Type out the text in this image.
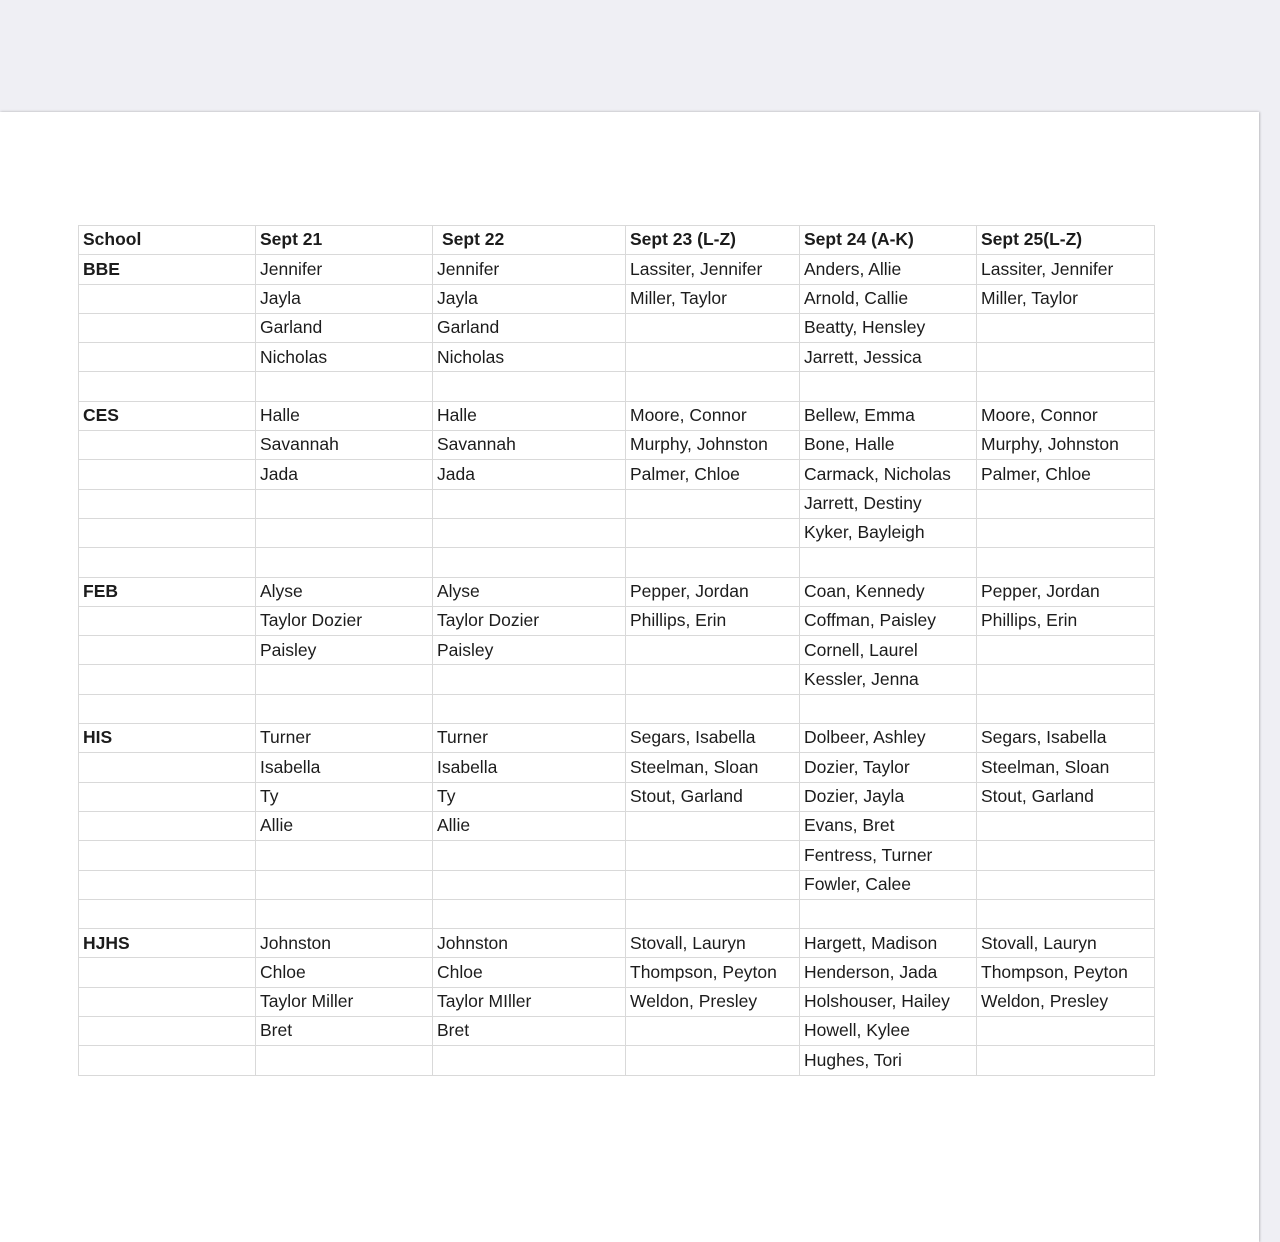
School	Sept 21	Sept 22	Sept 23 (L-Z)	Sept 24 (A-K)	Sept 25(L-Z)
BBE	Jennifer	Jennifer	Lassiter, Jennifer	Anders, Allie	Lassiter, Jennifer
	Jayla	Jayla	Miller, Taylor	Arnold, Callie	Miller, Taylor
	Garland	Garland		Beatty, Hensley	
	Nicholas	Nicholas		Jarrett, Jessica	

CES	Halle	Halle	Moore, Connor	Bellew, Emma	Moore, Connor
	Savannah	Savannah	Murphy, Johnston	Bone, Halle	Murphy, Johnston
	Jada	Jada	Palmer, Chloe	Carmack, Nicholas	Palmer, Chloe
				Jarrett, Destiny	
				Kyker, Bayleigh	

FEB	Alyse	Alyse	Pepper, Jordan	Coan, Kennedy	Pepper, Jordan
	Taylor Dozier	Taylor Dozier	Phillips, Erin	Coffman, Paisley	Phillips, Erin
	Paisley	Paisley		Cornell, Laurel	
				Kessler, Jenna	

HIS	Turner	Turner	Segars, Isabella	Dolbeer, Ashley	Segars, Isabella
	Isabella	Isabella	Steelman, Sloan	Dozier, Taylor	Steelman, Sloan
	Ty	Ty	Stout, Garland	Dozier, Jayla	Stout, Garland
	Allie	Allie		Evans, Bret	
				Fentress, Turner	
				Fowler, Calee	

HJHS	Johnston	Johnston	Stovall, Lauryn	Hargett, Madison	Stovall, Lauryn
	Chloe	Chloe	Thompson, Peyton	Henderson, Jada	Thompson, Peyton
	Taylor Miller	Taylor MIller	Weldon, Presley	Holshouser, Hailey	Weldon, Presley
	Bret	Bret		Howell, Kylee	
				Hughes, Tori	
